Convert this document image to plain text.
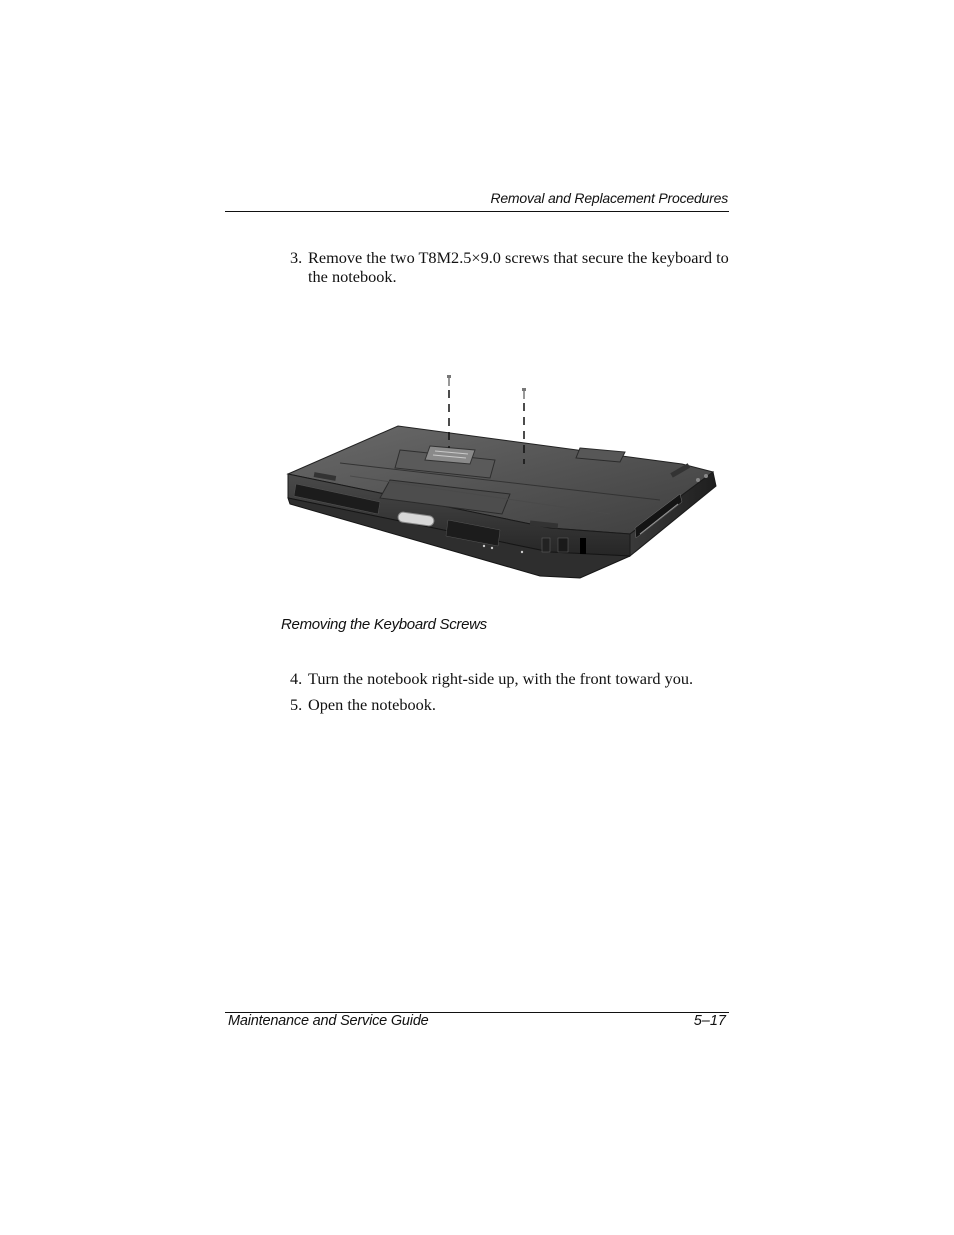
Removal and Replacement Procedures
3. Remove the two T8M2.5×9.0 screws that secure the keyboard to the notebook.
Removing the Keyboard Screws
4. Turn the notebook right-side up, with the front toward you.
5. Open the notebook.
Maintenance and Service Guide	5–17
